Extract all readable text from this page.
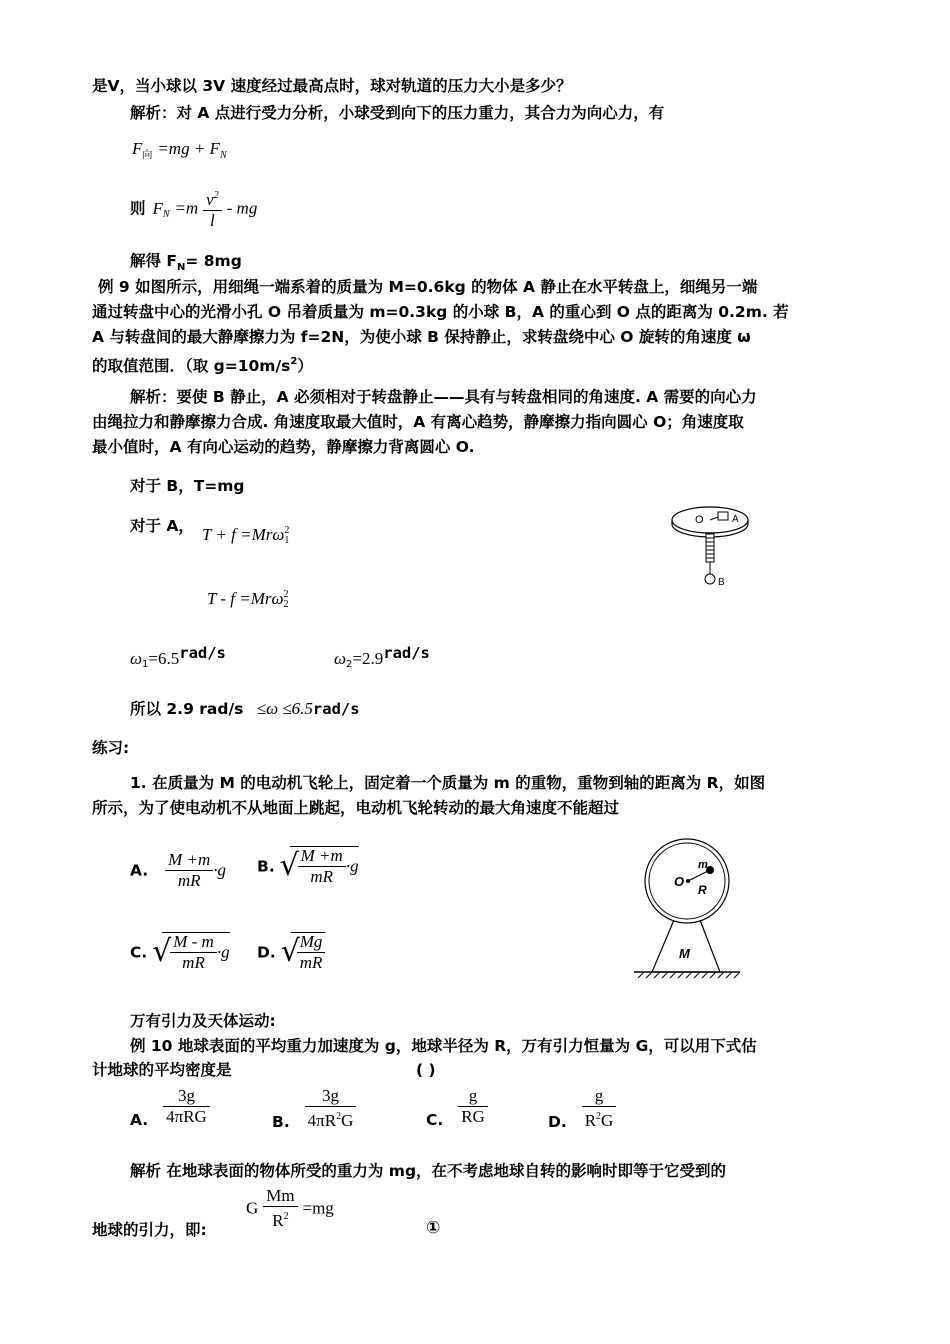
是V，当小球以 3V 速度经过最高点时，球对轨道的压力大小是多少？
解析：对 A 点进行受力分析，小球受到向下的压力重力，其合力为向心力，有
$F_向 =mg + F_N$
则 $F_N =m \frac{v^2}{l}$ - mg
解得 $F_N= 8mg$
例 9 如图所示，用细绳一端系着的质量为 M=0.6kg 的物体 A 静止在水平转盘上，细绳另一端
通过转盘中心的光滑小孔 O 吊着质量为 m=0.3kg 的小球 B，A 的重心到 O 点的距离为 0.2m. 若
A 与转盘间的最大静摩擦力为 f=2N，为使小球 B 保持静止，求转盘绕中心 O 旋转的角速度 ω
的取值范围．（取 $g=10m/s^2$）
解析：要使 B 静止，A 必须相对于转盘静止——具有与转盘相同的角速度. A 需要的向心力
由绳拉力和静摩擦力合成. 角速度取最大值时，A 有离心趋势，静摩擦力指向圆心 O；角速度取
最小值时，A 有向心运动的趋势，静摩擦力背离圆心 O.
对于 B，T=mg
对于 A， T + f =Mrω 2
1
T - f =Mrω 2
2
$\omega_1=6.5rad/s$	$\omega_2=2.9rad/s$
所以 2.9 rad/s ≤ω ≤6.5rad/s
O	A
B
练习:
1. 在质量为 M 的电动机飞轮上，固定着一个质量为 m 的重物，重物到轴的距离为 R，如图
所示，为了使电动机不从地面上跳起，电动机飞轮转动的最大角速度不能超过
A. $\frac{M +m}{mR} \cdot g$ B. √
$\frac{M +m}{mR} \cdot g$
C. √
$\frac{M - m}{mR} \cdot g$ D. √
$\frac{Mg}{mR}$
m
O
R
M
万有引力及天体运动:
例 10 地球表面的平均重力加速度为 g，地球半径为 R，万有引力恒量为 G，可以用下式估
计地球的平均密度是	( )
A. $\frac{3g}{\text{4πRG}}$	B. $\frac{3g}{4\pi R^2G}$	C. $\frac{g}{RG}$	D. $\frac{g}{R^2G}$
解析 在地球表面的物体所受的重力为 mg，在不考虑地球自转的影响时即等于它受到的
G $\frac{Mm}{R^2} =mg$
地球的引力，即:	①
